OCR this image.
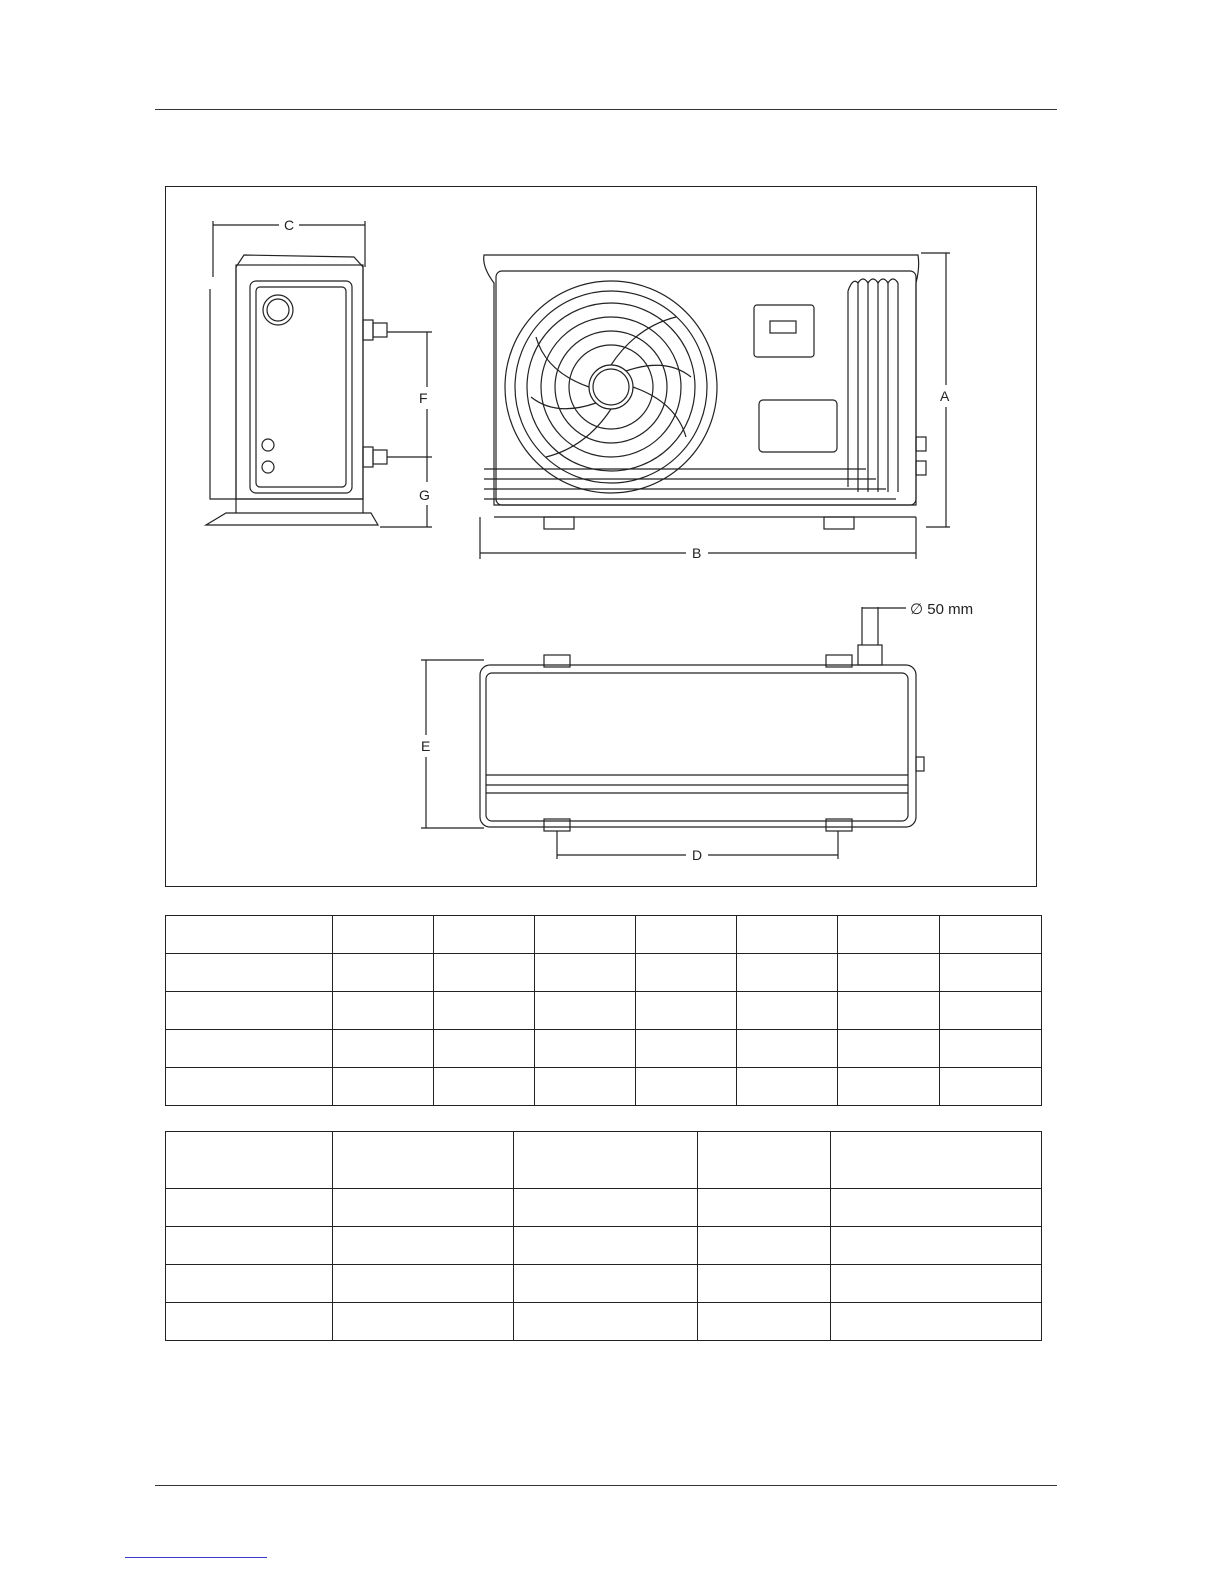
C
F
G
A
B
E
D
∅ 50 mm
